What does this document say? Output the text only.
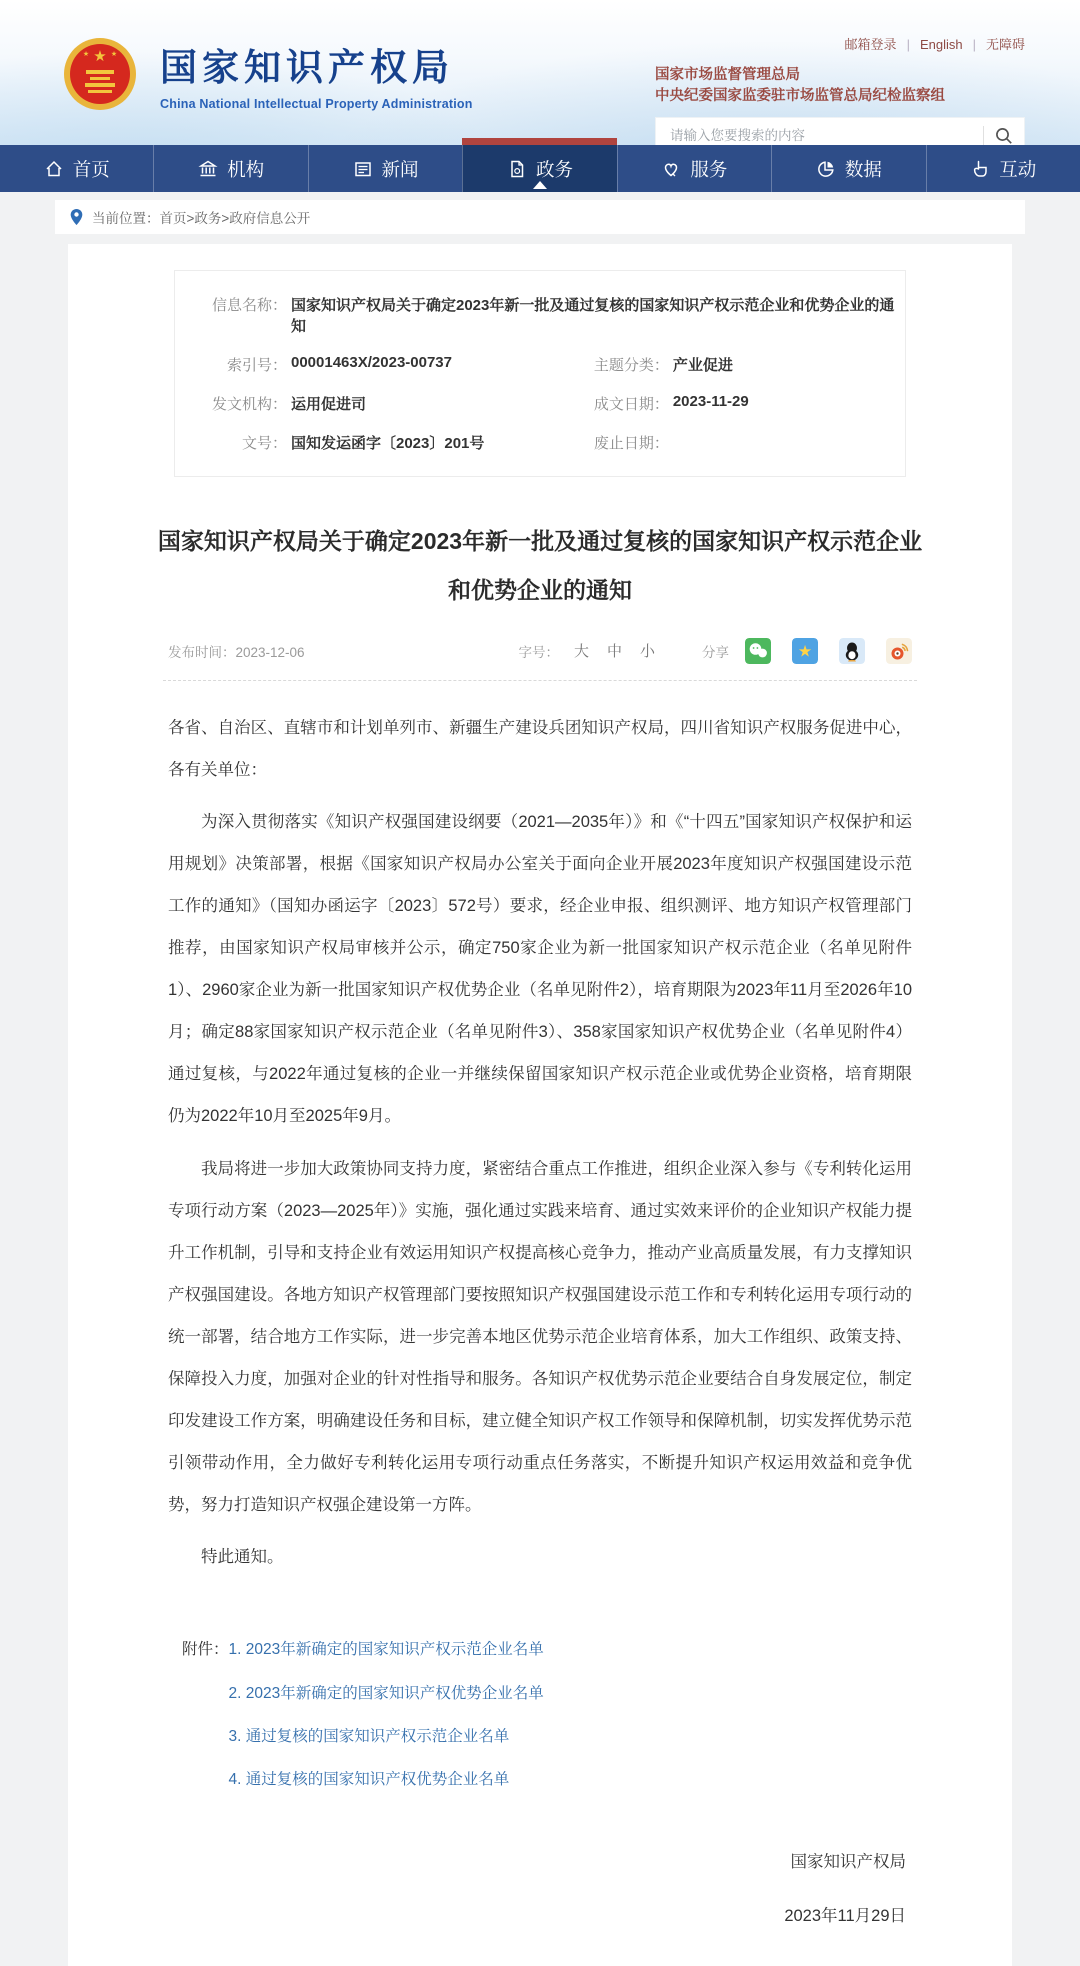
★
★	★ 国家知识产权局
China National Intellectual Property Administration
邮箱登录 | English | 无障碍
国家市场监督管理总局
中央纪委国家监委驻市场监管总局纪检监察组
请输入您要搜索的内容
首页	机构	新闻	政务	服务	数据	互动
当前位置： 首页>政务>政府信息公开
信息名称： 国家知识产权局关于确定2023年新一批及通过复核的国家知识产权示范企业和优势企业的通知
索引号： 00001463X/2023-00737	主题分类： 产业促进
发文机构： 运用促进司	成文日期： 2023-11-29
文号： 国知发运函字〔2023〕201号	废止日期：
国家知识产权局关于确定2023年新一批及通过复核的国家知识产权示范企业
和优势企业的通知
发布时间：2023-12-06	字号： 大 中 小	分享	★

各省、自治区、直辖市和计划单列市、新疆生产建设兵团知识产权局，四川省知识产权服务促进中心，各有关单位：

为深入贯彻落实《知识产权强国建设纲要（2021—2035年）》和《“十四五”国家知识产权保护和运用规划》决策部署，根据《国家知识产权局办公室关于面向企业开展2023年度知识产权强国建设示范工作的通知》（国知办函运字〔2023〕572号）要求，经企业申报、组织测评、地方知识产权管理部门推荐，由国家知识产权局审核并公示，确定750家企业为新一批国家知识产权示范企业（名单见附件1）、2960家企业为新一批国家知识产权优势企业（名单见附件2），培育期限为2023年11月至2026年10月；确定88家国家知识产权示范企业（名单见附件3）、358家国家知识产权优势企业（名单见附件4）通过复核，与2022年通过复核的企业一并继续保留国家知识产权示范企业或优势企业资格，培育期限仍为2022年10月至2025年9月。

我局将进一步加大政策协同支持力度，紧密结合重点工作推进，组织企业深入参与《专利转化运用专项行动方案（2023—2025年）》实施，强化通过实践来培育、通过实效来评价的企业知识产权能力提升工作机制，引导和支持企业有效运用知识产权提高核心竞争力，推动产业高质量发展，有力支撑知识产权强国建设。各地方知识产权管理部门要按照知识产权强国建设示范工作和专利转化运用专项行动的统一部署，结合地方工作实际，进一步完善本地区优势示范企业培育体系，加大工作组织、政策支持、保障投入力度，加强对企业的针对性指导和服务。各知识产权优势示范企业要结合自身发展定位，制定印发建设工作方案，明确建设任务和目标，建立健全知识产权工作领导和保障机制，切实发挥优势示范引领带动作用，全力做好专利转化运用专项行动重点任务落实，不断提升知识产权运用效益和竞争优势，努力打造知识产权强企建设第一方阵。

特此通知。

附件： 1. 2023年新确定的国家知识产权示范企业名单
2. 2023年新确定的国家知识产权优势企业名单
3. 通过复核的国家知识产权示范企业名单
4. 通过复核的国家知识产权优势企业名单
国家知识产权局
2023年11月29日
